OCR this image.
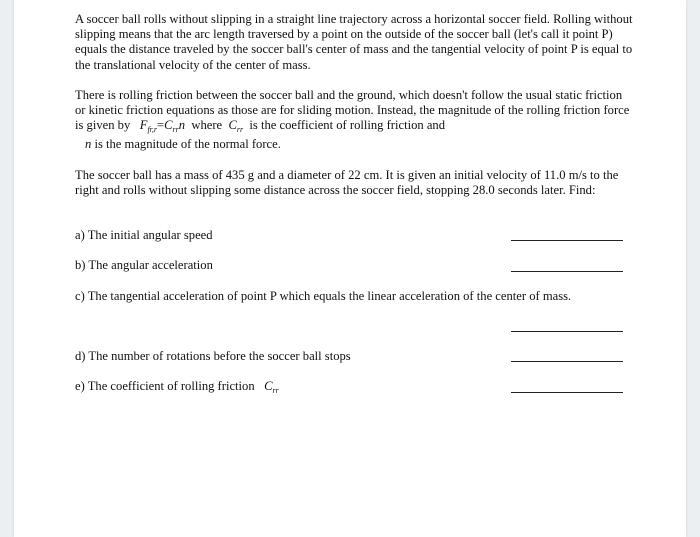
A soccer ball rolls without slipping in a straight line trajectory across a horizontal soccer field. Rolling without slipping means that the arc length traversed by a point on the outside of the soccer ball (let's call it point P) equals the distance traveled by the soccer ball's center of mass and the tangential velocity of point P is equal to the translational velocity of the center of mass.

There is rolling friction between the soccer ball and the ground, which doesn't follow the usual static friction or kinetic friction equations as those are for sliding motion. Instead, the magnitude of the rolling friction force is given by $F_{fr,r}=C_{rr}n$ where $C_{rr}$ is the coefficient of rolling friction and
n is the magnitude of the normal force.

The soccer ball has a mass of 435 g and a diameter of 22 cm. It is given an initial velocity of 11.0 m/s to the right and rolls without slipping some distance across the soccer field, stopping 28.0 seconds later. Find:

a) The initial angular speed
b) The angular acceleration
c) The tangential acceleration of point P which equals the linear acceleration of the center of mass.
d) The number of rotations before the soccer ball stops
e) The coefficient of rolling friction $C_{rr}$
